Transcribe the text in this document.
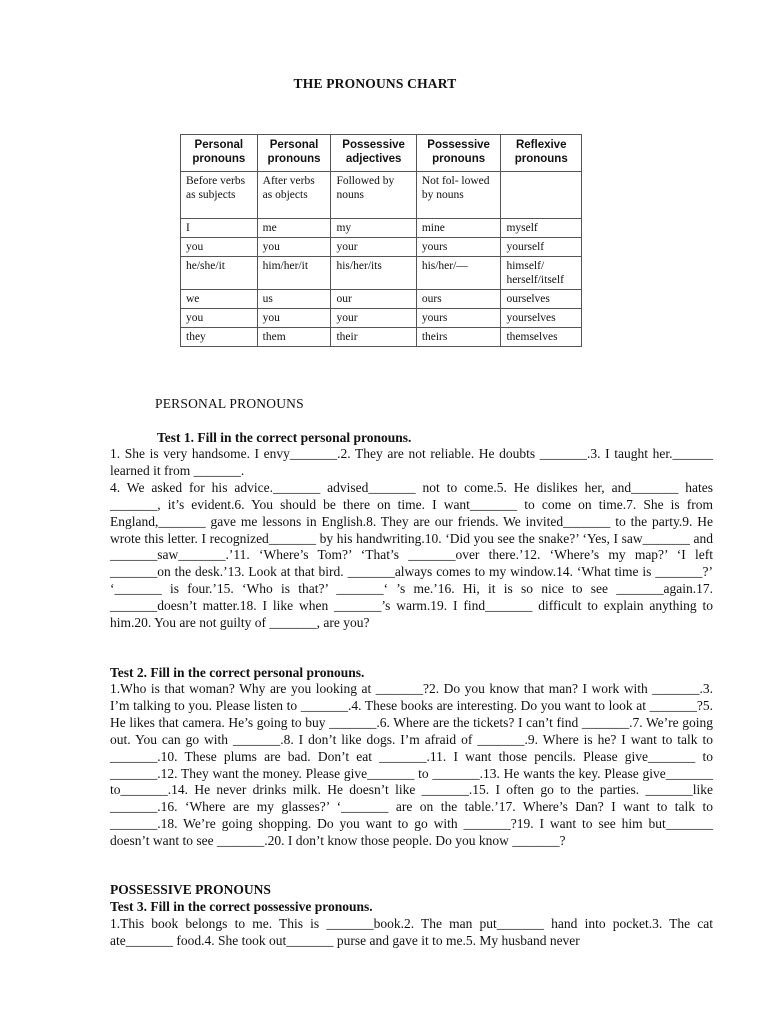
THE PRONOUNS CHART
Personal pronouns	Personal pronouns	Possessive adjectives	Possessive pronouns	Reflexive pronouns
Before verbs as subjects	After verbs as objects	Followed by nouns	Not fol- lowed by nouns	
I	me	my	mine	myself
you	you	your	yours	yourself
he/she/it	him/her/it	his/her/its	his/her/—	himself/ herself/itself
we	us	our	ours	ourselves
you	you	your	yours	yourselves
they	them	their	theirs	themselves
PERSONAL PRONOUNS
Test 1. Fill in the correct personal pronouns.

1. She is very handsome. I envy_______.2. They are not reliable. He doubts _______.3. I taught her.______ learned it from _______.

4. We asked for his advice._______ advised_______ not to come.5. He dislikes her, and_______ hates _______, it’s evident.6. You should be there on time. I want_______ to come on time.7. She is from England,_______ gave me lessons in English.8. They are our friends. We invited_______ to the party.9. He wrote this letter. I recognized_______ by his handwriting.10. ‘Did you see the snake?’ ‘Yes, I saw_______ and _______saw_______.’11. ‘Where’s Tom?’ ‘That’s _______over there.’12. ‘Where’s my map?’ ‘I left _______on the desk.’13. Look at that bird. _______always comes to my window.14. ‘What time is _______?’ ‘_______ is four.’15. ‘Who is that?’ _______‘ ’s me.’16. Hi, it is so nice to see _______again.17. _______doesn’t matter.18. I like when _______’s warm.19. I find_______ difficult to explain anything to him.20. You are not guilty of _______, are you?

Test 2. Fill in the correct personal pronouns.

1.Who is that woman? Why are you looking at _______?2. Do you know that man? I work with _______.3. I’m talking to you. Please listen to _______.4. These books are interesting. Do you want to look at _______?5. He likes that camera. He’s going to buy _______.6. Where are the tickets? I can’t find _______.7. We’re going out. You can go with _______.8. I don’t like dogs. I’m afraid of _______.9. Where is he? I want to talk to _______.10. These plums are bad. Don’t eat _______.11. I want those pencils. Please give_______ to _______.12. They want the money. Please give_______ to _______.13. He wants the key. Please give_______ to_______.14. He never drinks milk. He doesn’t like _______.15. I often go to the parties. _______like _______.16. ‘Where are my glasses?’ ‘_______ are on the table.’17. Where’s Dan? I want to talk to _______.18. We’re going shopping. Do you want to go with _______?19. I want to see him but_______ doesn’t want to see _______.20. I don’t know those people. Do you know _______?

POSSESSIVE PRONOUNS
Test 3. Fill in the correct possessive pronouns.

1.This book belongs to me. This is _______book.2. The man put_______ hand into pocket.3. The cat ate_______ food.4. She took out_______ purse and gave it to me.5. My husband never
